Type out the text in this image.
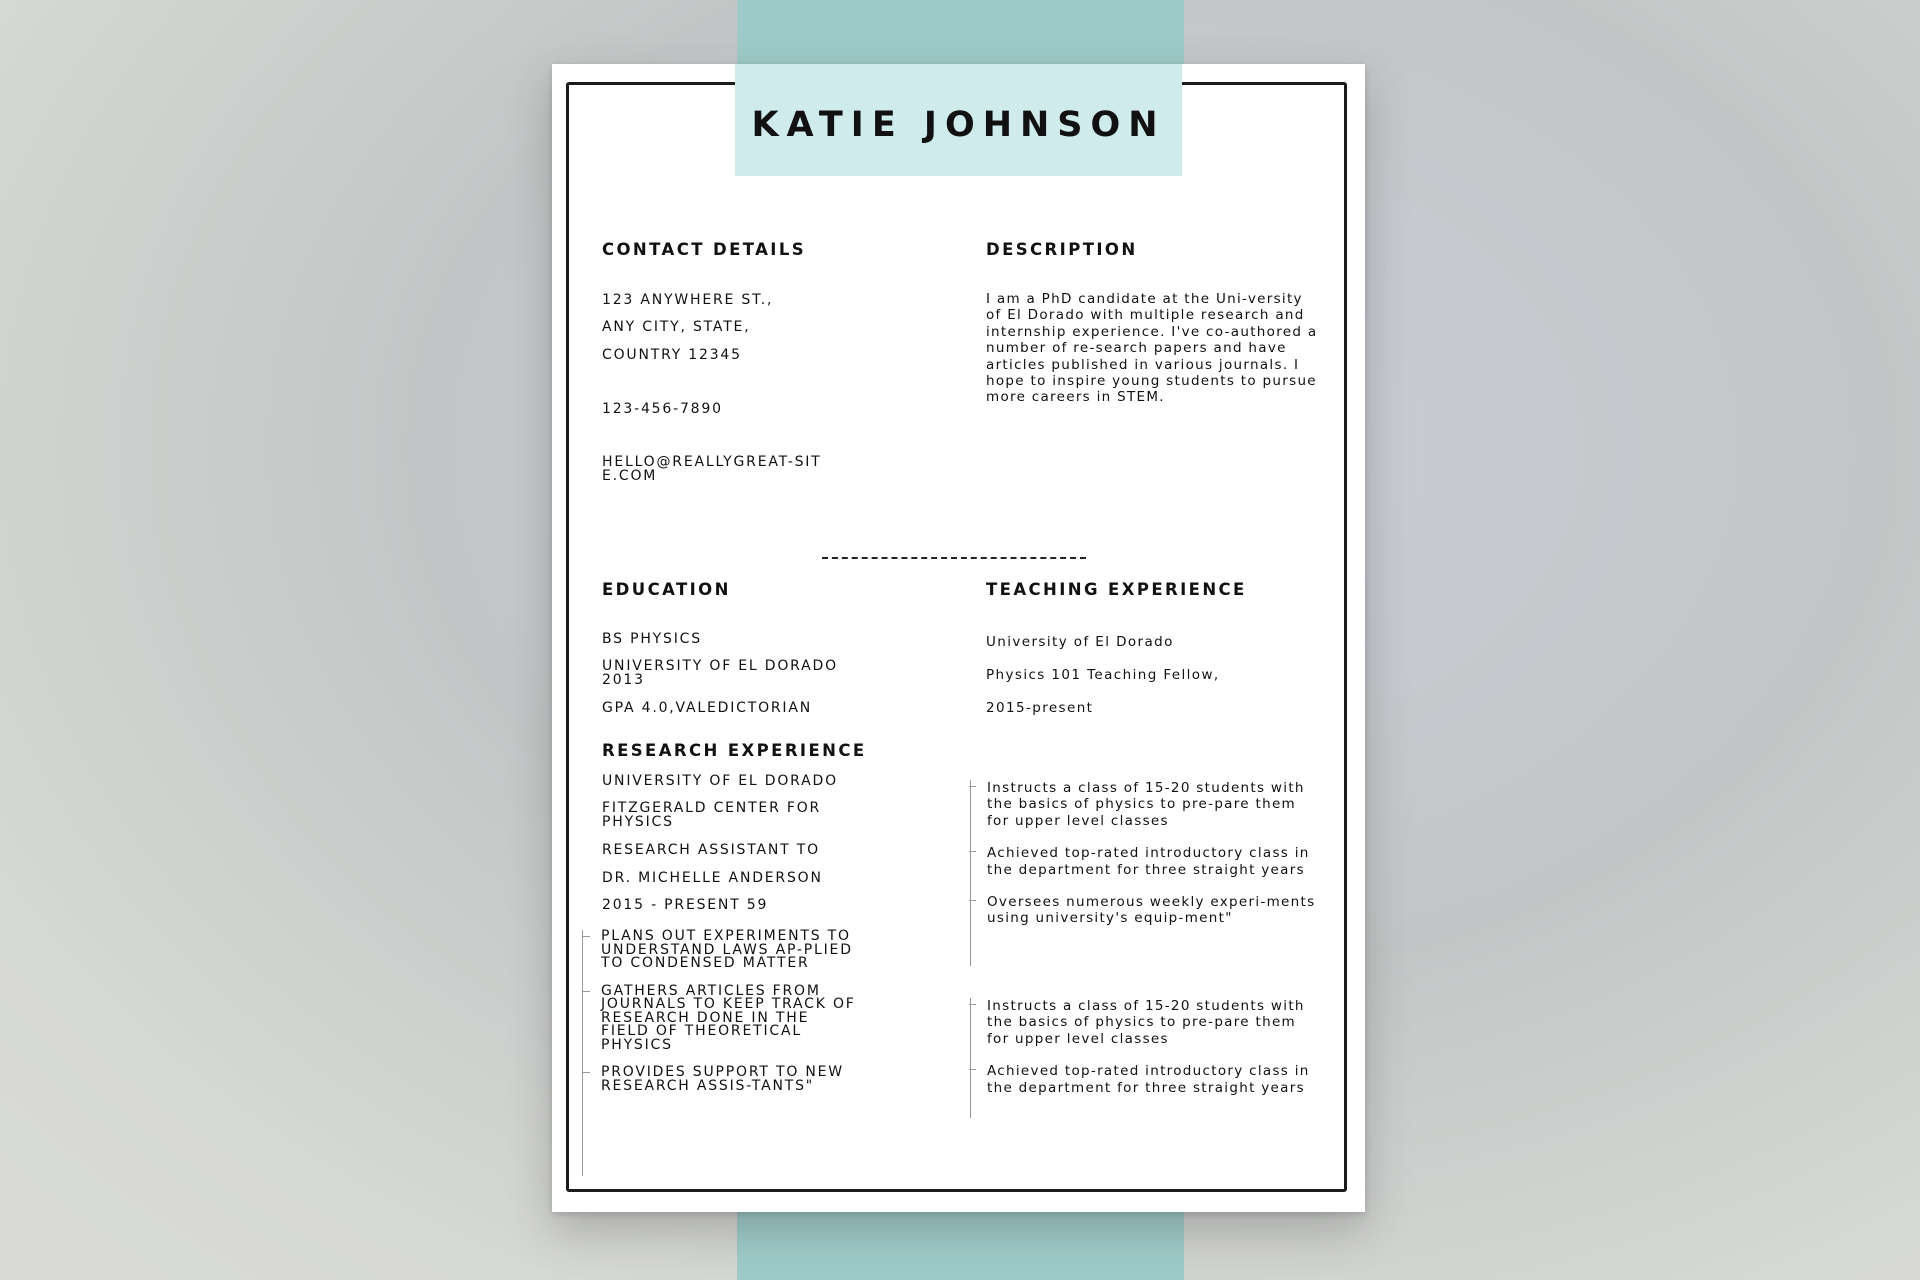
KATIE JOHNSON

CONTACT DETAILS

123 ANYWHERE ST.,

ANY CITY, STATE,

COUNTRY 12345

123-456-7890

HELLO@REALLYGREAT-SITE.COM

DESCRIPTION

I am a PhD candidate at the Uni-versity of El Dorado with multiple research and internship experience. I've co-authored a number of re-search papers and have articles published in various journals. I hope to inspire young students to pursue more careers in STEM.

EDUCATION

BS PHYSICS

UNIVERSITY OF EL DORADO 2013

GPA 4.0,VALEDICTORIAN

RESEARCH EXPERIENCE

UNIVERSITY OF EL DORADO

FITZGERALD CENTER FOR PHYSICS

RESEARCH ASSISTANT TO

DR. MICHELLE ANDERSON

2015 - PRESENT 59

PLANS OUT EXPERIMENTS TO UNDERSTAND LAWS AP-PLIED TO CONDENSED MATTER

GATHERS ARTICLES FROM JOURNALS TO KEEP TRACK OF RESEARCH DONE IN THE FIELD OF THEORETICAL PHYSICS

PROVIDES SUPPORT TO NEW RESEARCH ASSIS-TANTS"

TEACHING EXPERIENCE

University of El Dorado

Physics 101 Teaching Fellow,

2015-present

Instructs a class of 15-20 students with the basics of physics to pre-pare them for upper level classes

Achieved top-rated introductory class in the department for three straight years

Oversees numerous weekly experi-ments using university's equip-ment"

Instructs a class of 15-20 students with the basics of physics to pre-pare them for upper level classes

Achieved top-rated introductory class in the department for three straight years
